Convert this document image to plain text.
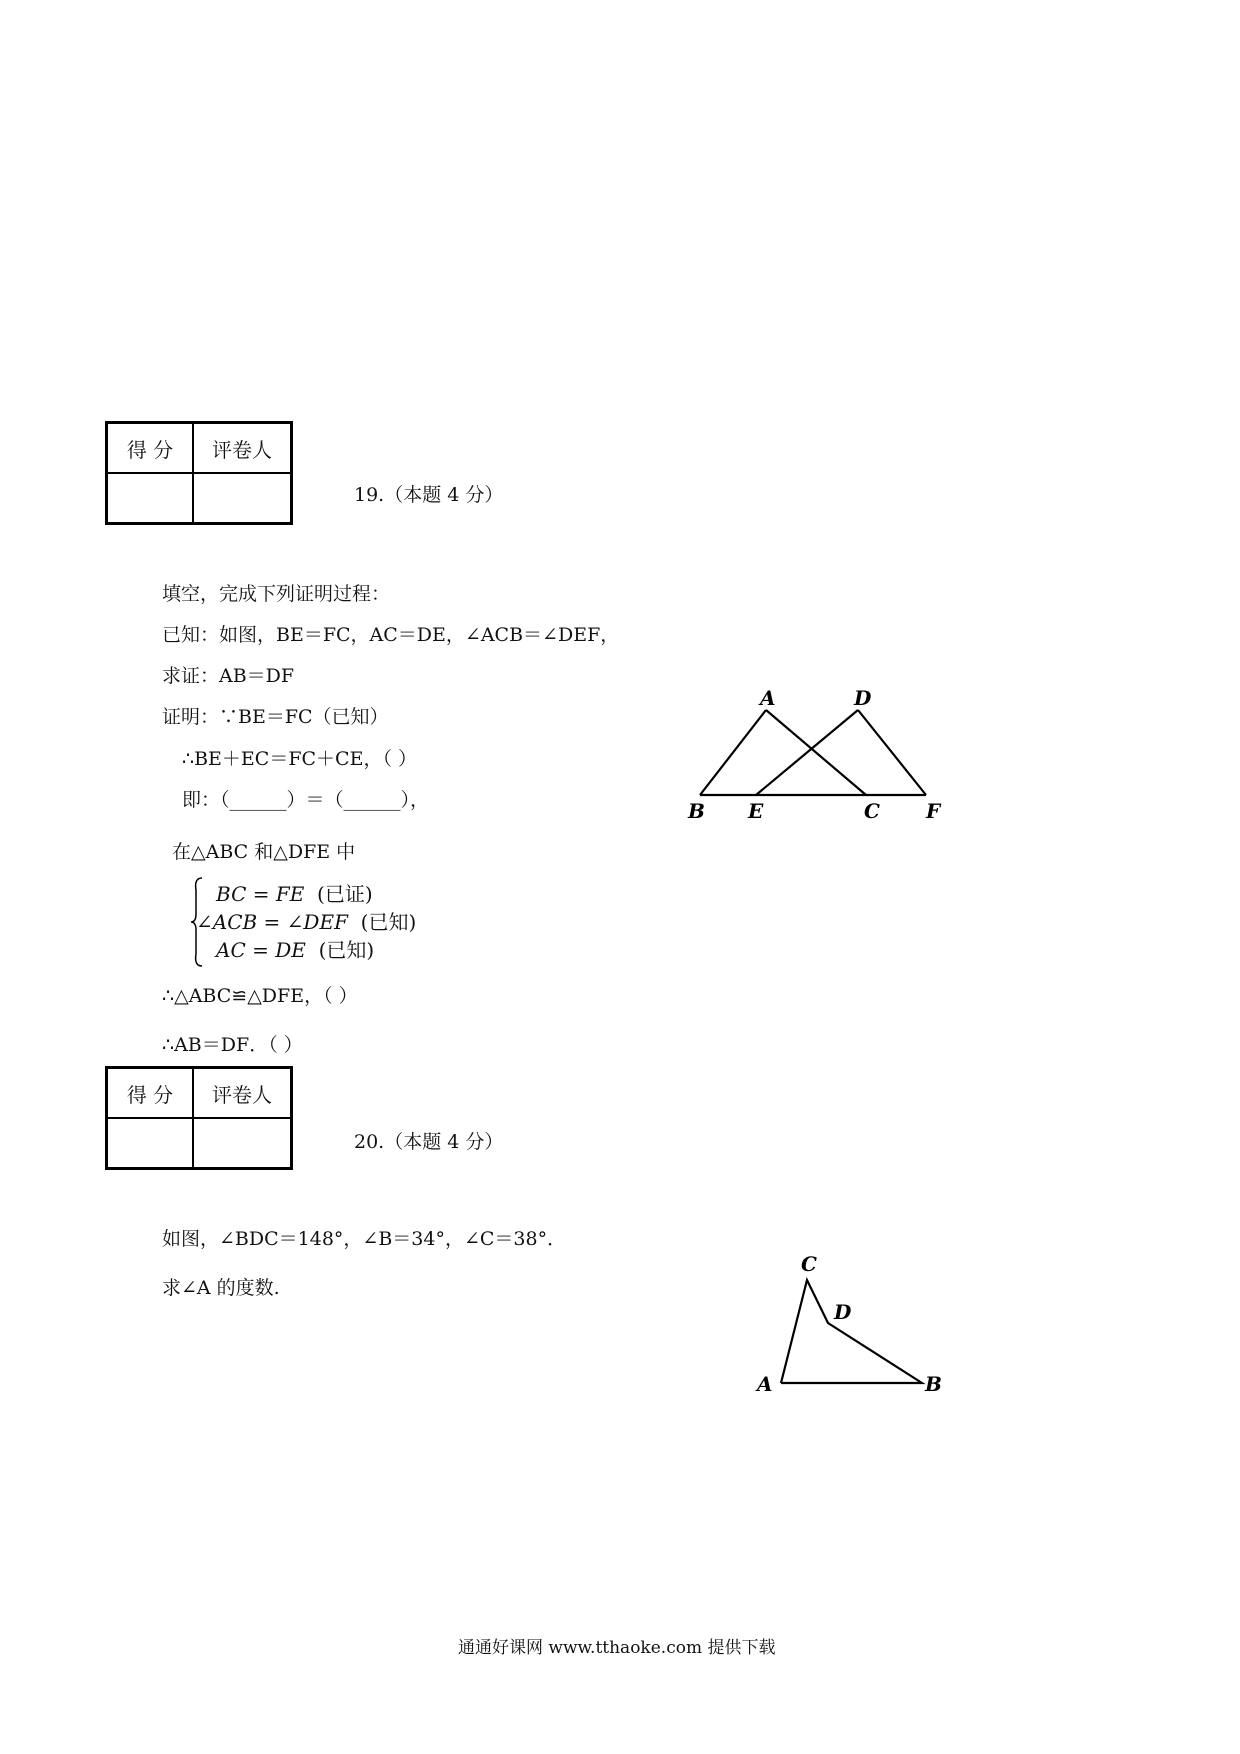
得 分	评卷人

19.（本题 4 分）
填空，完成下列证明过程：
已知：如图，BE＝FC，AC＝DE，∠ACB＝∠DEF，
求证：AB＝DF
证明：∵BE＝FC（已知）
∴BE＋EC＝FC＋CE，（ ）
即：（______）＝（______），
在△ABC 和△DFE 中
BC = FE (已证)
∠ACB = ∠DEF (已知)
AC = DE (已知)
∴△ABC≌△DFE，（ ）
∴AB＝DF．（ ）
A	D
B E	C F
得 分	评卷人

20.（本题 4 分）
如图，∠BDC＝148°，∠B＝34°，∠C＝38°．
求∠A 的度数.
C
D
A	B
通通好课网 www.tthaoke.com 提供下载
